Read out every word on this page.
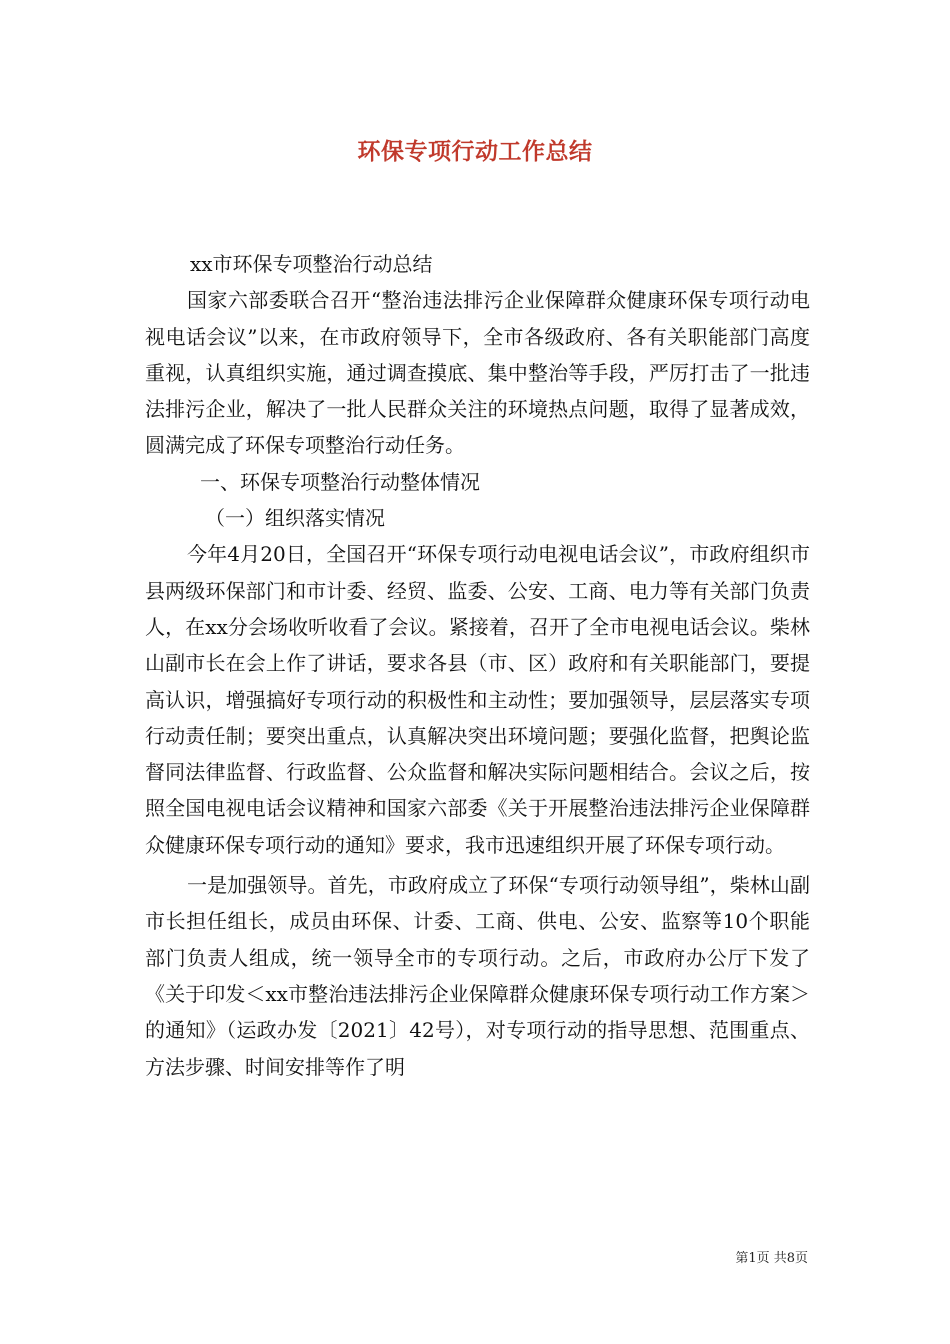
环保专项行动工作总结

xx市环保专项整治行动总结

国家六部委联合召开“整治违法排污企业保障群众健康环保专项行动电视电话会议”以来，在市政府领导下，全市各级政府、各有关职能部门高度重视，认真组织实施，通过调查摸底、集中整治等手段，严厉打击了一批违法排污企业，解决了一批人民群众关注的环境热点问题，取得了显著成效，圆满完成了环保专项整治行动任务。

一、环保专项整治行动整体情况

（一）组织落实情况

今年4月20日，全国召开“环保专项行动电视电话会议”，市政府组织市县两级环保部门和市计委、经贸、监委、公安、工商、电力等有关部门负责人，在xx分会场收听收看了会议。紧接着，召开了全市电视电话会议。柴林山副市长在会上作了讲话，要求各县（市、区）政府和有关职能部门，要提高认识，增强搞好专项行动的积极性和主动性；要加强领导，层层落实专项行动责任制；要突出重点，认真解决突出环境问题；要强化监督，把舆论监督同法律监督、行政监督、公众监督和解决实际问题相结合。会议之后，按照全国电视电话会议精神和国家六部委《关于开展整治违法排污企业保障群众健康环保专项行动的通知》要求，我市迅速组织开展了环保专项行动。

一是加强领导。首先，市政府成立了环保“专项行动领导组”，柴林山副市长担任组长，成员由环保、计委、工商、供电、公安、监察等10个职能部门负责人组成，统一领导全市的专项行动。之后，市政府办公厅下发了《关于印发＜xx市整治违法排污企业保障群众健康环保专项行动工作方案＞的通知》（运政办发〔2021〕42号），对专项行动的指导思想、范围重点、方法步骤、时间安排等作了明

第1页 共8页
